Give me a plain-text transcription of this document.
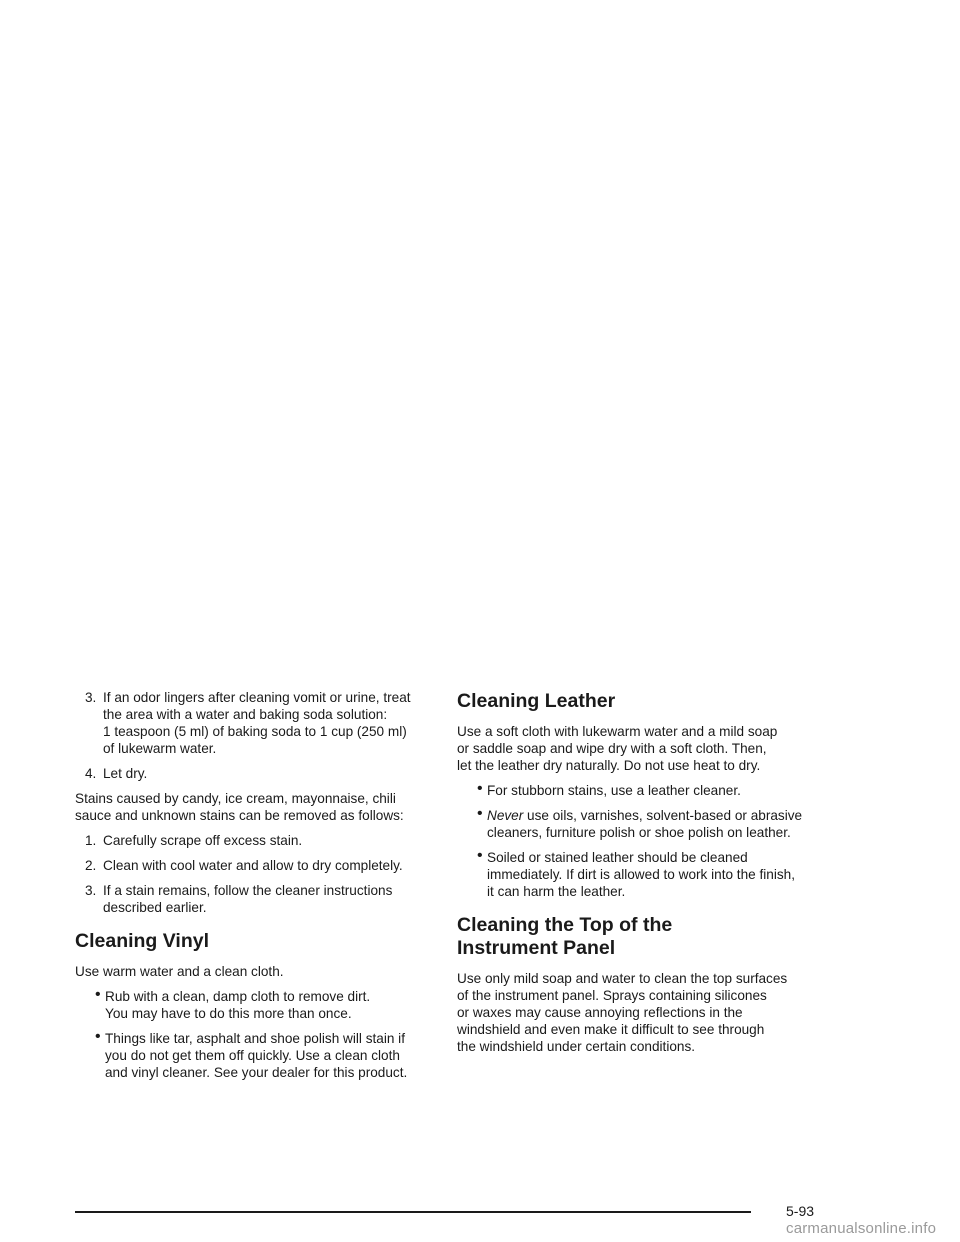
3. If an odor lingers after cleaning vomit or urine, treat
the area with a water and baking soda solution:
1 teaspoon (5 ml) of baking soda to 1 cup (250 ml)
of lukewarm water.

4. Let dry.

Stains caused by candy, ice cream, mayonnaise, chili
sauce and unknown stains can be removed as follows:

1. Carefully scrape off excess stain.

2. Clean with cool water and allow to dry completely.

3. If a stain remains, follow the cleaner instructions
described earlier.

Cleaning Vinyl

Use warm water and a clean cloth.

• Rub with a clean, damp cloth to remove dirt.
You may have to do this more than once.

• Things like tar, asphalt and shoe polish will stain if
you do not get them off quickly. Use a clean cloth
and vinyl cleaner. See your dealer for this product.

Cleaning Leather

Use a soft cloth with lukewarm water and a mild soap
or saddle soap and wipe dry with a soft cloth. Then,
let the leather dry naturally. Do not use heat to dry.

• For stubborn stains, use a leather cleaner.

• Never use oils, varnishes, solvent-based or abrasive
cleaners, furniture polish or shoe polish on leather.

• Soiled or stained leather should be cleaned
immediately. If dirt is allowed to work into the finish,
it can harm the leather.

Cleaning the Top of the
Instrument Panel

Use only mild soap and water to clean the top surfaces
of the instrument panel. Sprays containing silicones
or waxes may cause annoying reflections in the
windshield and even make it difficult to see through
the windshield under certain conditions.

5-93
carmanualsonline.info
